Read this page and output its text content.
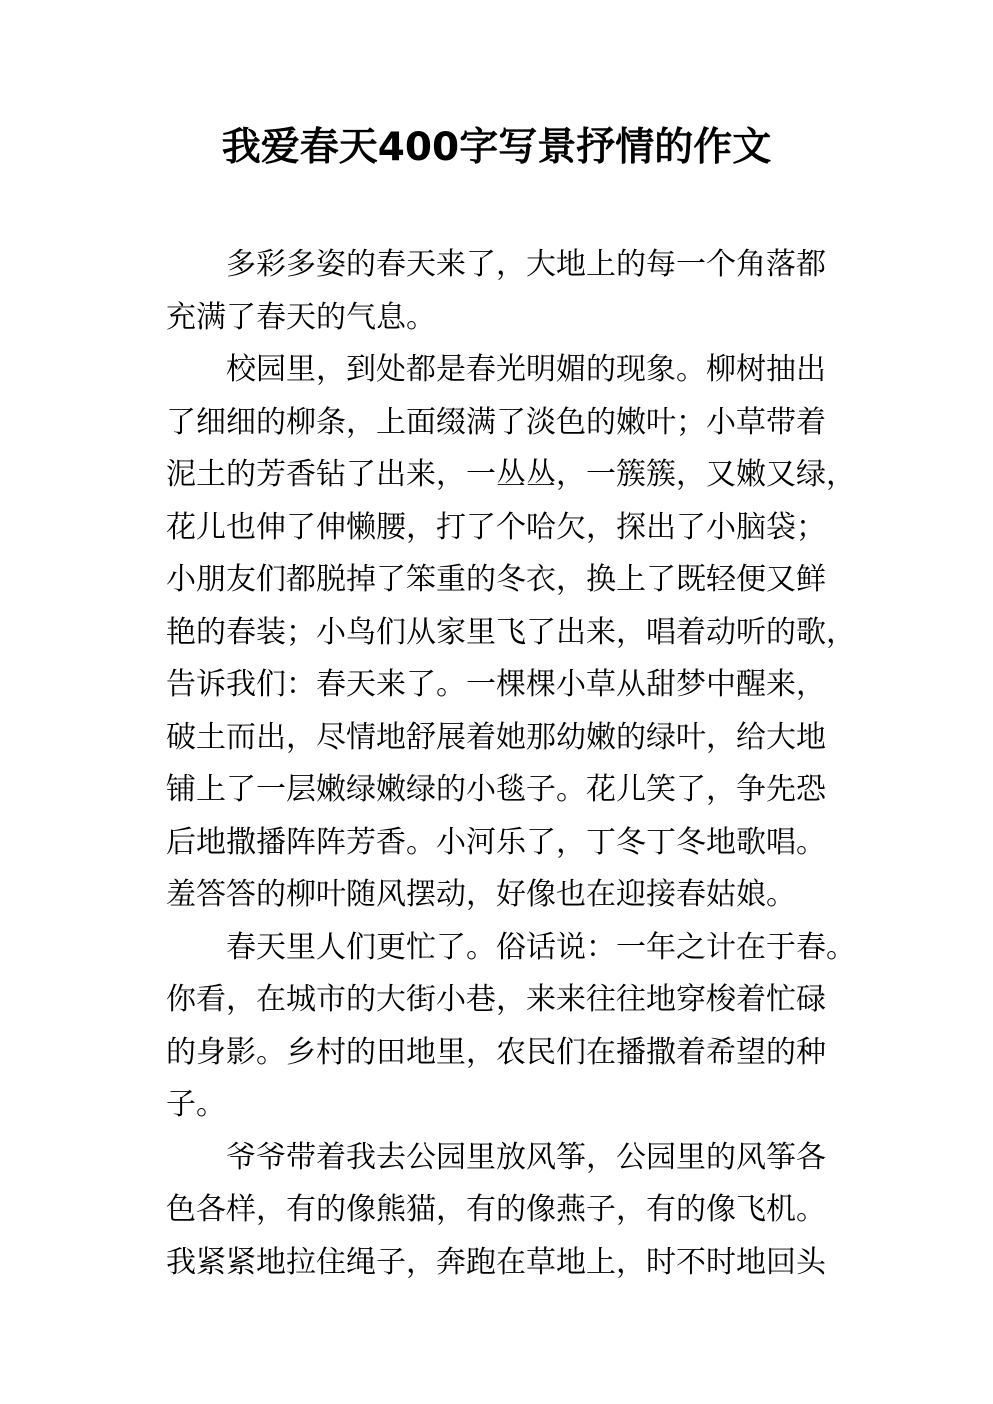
我爱春天400字写景抒情的作文
多彩多姿的春天来了，大地上的每一个角落都
充满了春天的气息。
校园里，到处都是春光明媚的现象。柳树抽出
了细细的柳条，上面缀满了淡色的嫩叶；小草带着
泥土的芳香钻了出来，一丛丛，一簇簇，又嫩又绿，
花儿也伸了伸懒腰，打了个哈欠，探出了小脑袋；
小朋友们都脱掉了笨重的冬衣，换上了既轻便又鲜
艳的春装；小鸟们从家里飞了出来，唱着动听的歌，
告诉我们：春天来了。一棵棵小草从甜梦中醒来，
破土而出，尽情地舒展着她那幼嫩的绿叶，给大地
铺上了一层嫩绿嫩绿的小毯子。花儿笑了，争先恐
后地撒播阵阵芳香。小河乐了，丁冬丁冬地歌唱。
羞答答的柳叶随风摆动，好像也在迎接春姑娘。
春天里人们更忙了。俗话说：一年之计在于春。
你看，在城市的大街小巷，来来往往地穿梭着忙碌
的身影。乡村的田地里，农民们在播撒着希望的种
子。
爷爷带着我去公园里放风筝，公园里的风筝各
色各样，有的像熊猫，有的像燕子，有的像飞机。
我紧紧地拉住绳子，奔跑在草地上，时不时地回头
